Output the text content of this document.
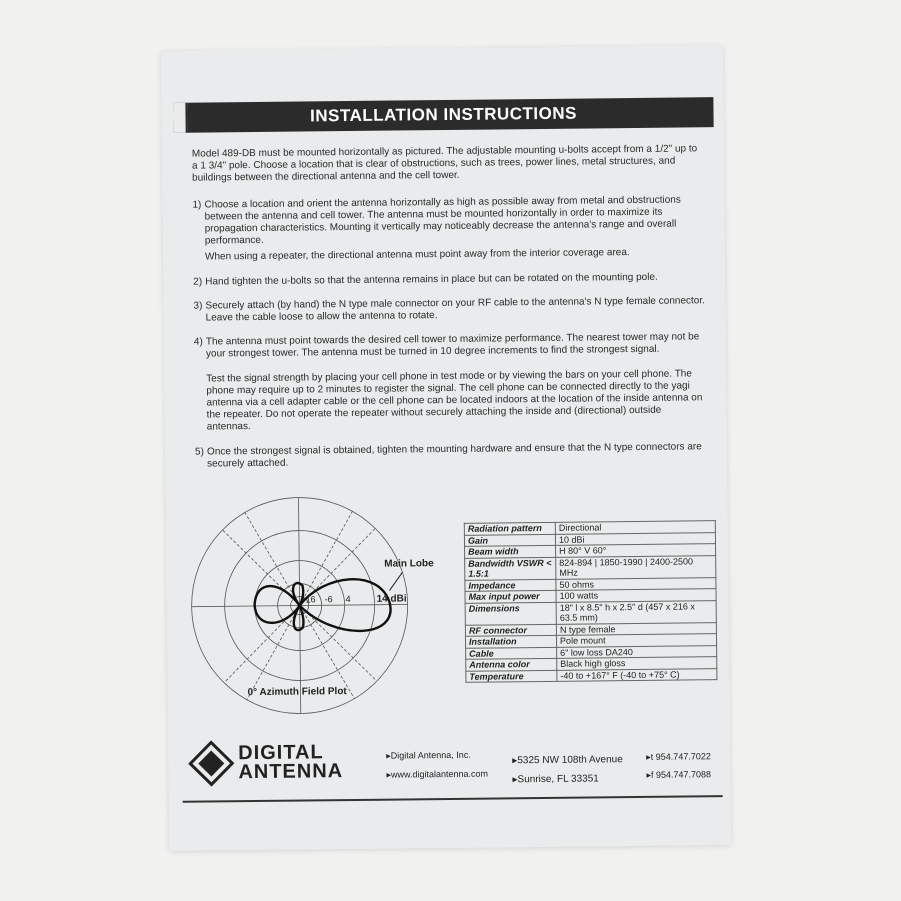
INSTALLATION INSTRUCTIONS

Model 489-DB must be mounted horizontally as pictured. The adjustable mounting u-bolts accept from a 1/2" up to a 1 3/4" pole. Choose a location that is clear of obstructions, such as trees, power lines, metal structures, and buildings between the directional antenna and the cell tower.

1) Choose a location and orient the antenna horizontally as high as possible away from metal and obstructions between the antenna and cell tower. The antenna must be mounted horizontally in order to maximize its propagation characteristics. Mounting it vertically may noticeably decrease the antenna's range and overall performance.
When using a repeater, the directional antenna must point away from the interior coverage area.
2) Hand tighten the u-bolts so that the antenna remains in place but can be rotated on the mounting pole.
3) Securely attach (by hand) the N type male connector on your RF cable to the antenna's N type female connector. Leave the cable loose to allow the antenna to rotate.
4) The antenna must point towards the desired cell tower to maximize performance. The nearest tower may not be your strongest tower. The antenna must be turned in 10 degree increments to find the strongest signal.
Test the signal strength by placing your cell phone in test mode or by viewing the bars on your cell phone. The phone may require up to 2 minutes to register the signal. The cell phone can be connected directly to the yagi antenna via a cell adapter cable or the cell phone can be located indoors at the location of the inside antenna on the repeater. Do not operate the repeater without securely attaching the inside and (directional) outside antennas.
5) Once the strongest signal is obtained, tighten the mounting hardware and ensure that the N type connectors are securely attached.
Main Lobe
-16 -6 4	14 dBi
0° Azimuth Field Plot
Radiation pattern	Directional
Gain	10 dBi
Beam width	H 80° V 60°
Bandwidth VSWR < 1.5:1	824-894 | 1850-1990 | 2400-2500 MHz
Impedance	50 ohms
Max input power	100 watts
Dimensions	18" l x 8.5" h x 2.5" d (457 x 216 x 63.5 mm)
RF connector	N type female
Installation	Pole mount
Cable	6" low loss DA240
Antenna color	Black high gloss
Temperature	-40 to +167° F (-40 to +75° C)
DIGITAL
ANTENNA
▸Digital Antenna, Inc.
▸www.digitalantenna.com
▸5325 NW 108th Avenue
▸Sunrise, FL 33351
▸t 954.747.7022
▸f 954.747.7088
